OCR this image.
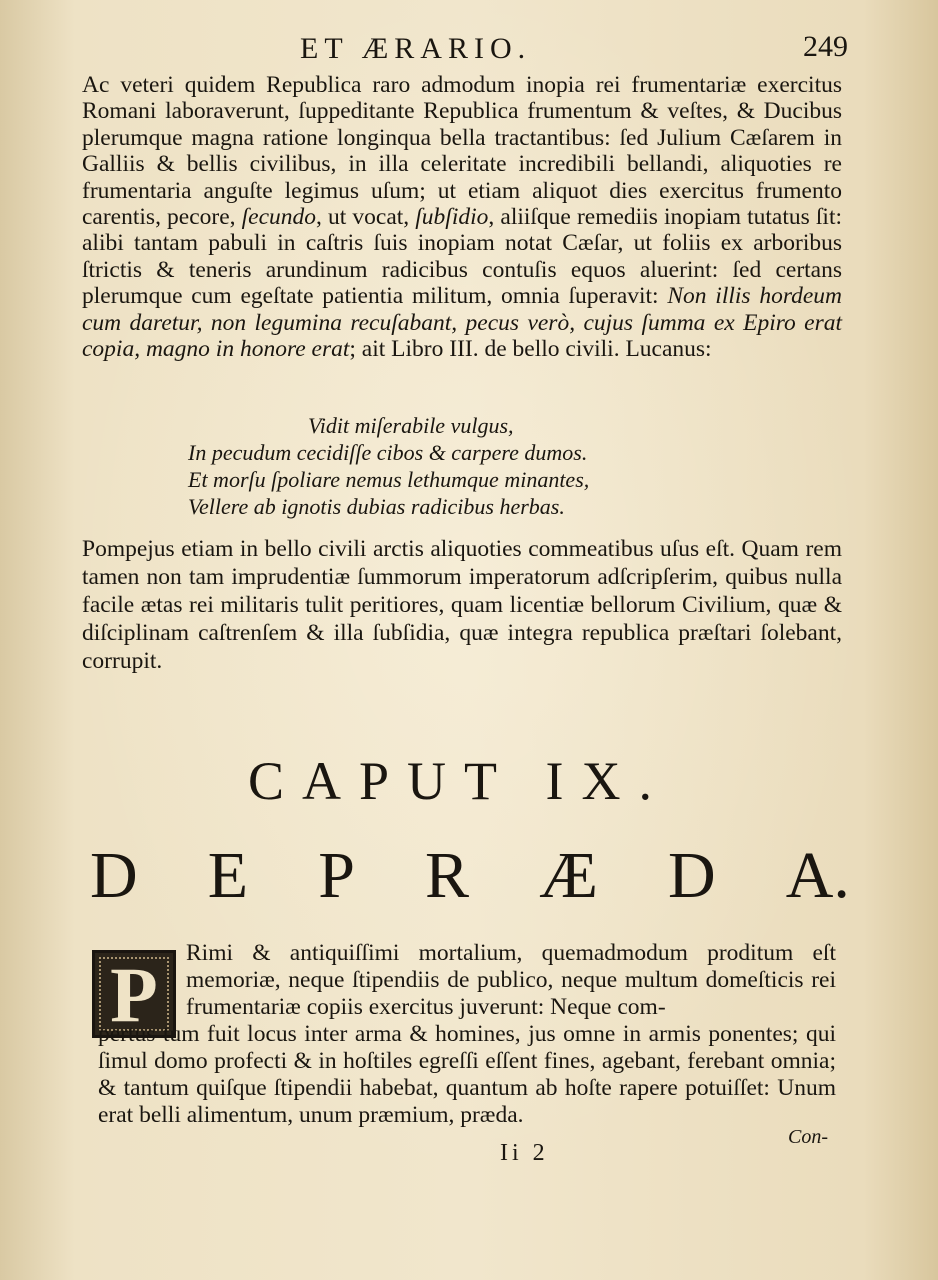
ET ÆRARIO.	249

Ac veteri quidem Republica raro admodum inopia rei frumentariæ exercitus Romani laboraverunt, ſuppeditante Republica frumentum & veſtes, & Ducibus plerumque magna ratione longinqua bella tractantibus: ſed Julium Cæſarem in Galliis & bellis civilibus, in illa celeritate incredibili bellandi, aliquoties re frumentaria anguſte legimus uſum; ut etiam aliquot dies exercitus frumento carentis, pecore, ſecundo, ut vocat, ſubſidio, aliiſque remediis inopiam tutatus ſit: alibi tantam pabuli in caſtris ſuis inopiam notat Cæſar, ut foliis ex arboribus ſtrictis & teneris arundinum radicibus contuſis equos aluerint: ſed certans plerumque cum egeſtate patientia militum, omnia ſuperavit: Non illis hordeum cum daretur, non legumina recuſabant, pecus verò, cujus ſumma ex Epiro erat copia, magno in honore erat; ait Libro III. de bello civili. Lucanus:

Vidit miſerabile vulgus,
In pecudum cecidiſſe cibos & carpere dumos.
Et morſu ſpoliare nemus lethumque minantes,
Vellere ab ignotis dubias radicibus herbas.

Pompejus etiam in bello civili arctis aliquoties commeatibus uſus eſt. Quam rem tamen non tam imprudentiæ ſummorum imperatorum adſcripſerim, quibus nulla facile ætas rei militaris tulit peritiores, quam licentiæ bellorum Civilium, quæ & diſciplinam caſtrenſem & illa ſubſidia, quæ integra republica præſtari ſolebant, corrupit.

CAPUT IX.
D E P R Æ D A.
P	Rimi & antiquiſſimi mortalium, quemadmodum proditum eſt memoriæ, neque ſtipendiis de publico, neque multum domeſticis rei frumentariæ copiis exercitus juverunt: Neque com-
pertus tum fuit locus inter arma & homines, jus omne in armis ponentes; qui ſimul domo profecti & in hoſtiles egreſſi eſſent fines, agebant, ferebant omnia; & tantum quiſque ſtipendii habebat, quantum ab hoſte rapere potuiſſet: Unum erat belli alimentum, unum præmium, præda.
Ii 2
Con-
